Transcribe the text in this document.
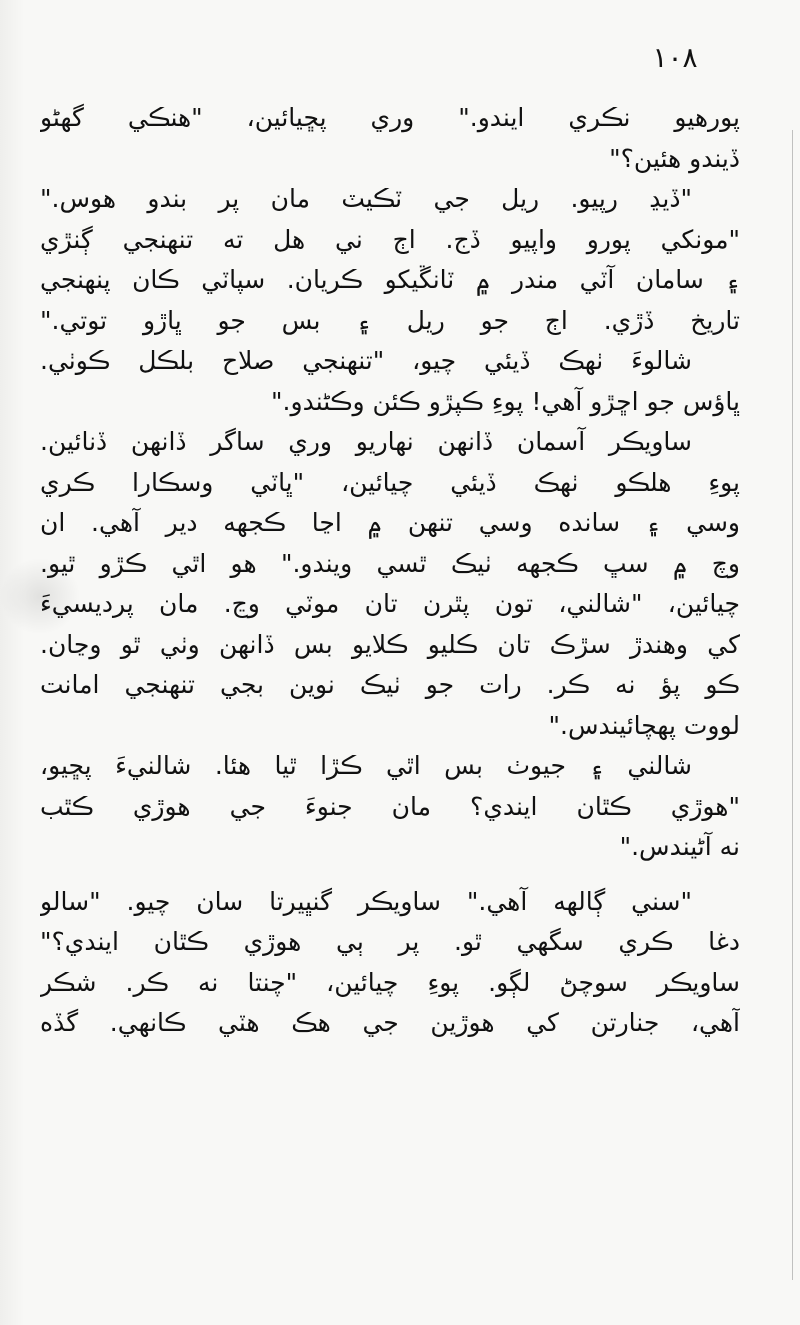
١٠٨
پورهيو نڪري ايندو." وري پڇيائين، "هنڪي گهڻو
ڏيندو هئين؟"
"ڏيڍ رپيو. ريل جي ٽڪيٽ مان پر بندو هوس."
"مونکي پورو واپيو ڏج. اڄ ني هل ته تنهنجي ڳنڙي
۽ سامان آٽي مندر ۾ ٽانڱيکو ڪريان. سپاٽي ڪان پنهنجي
تاريخ ڏڙي. اڄ جو ريل ۽ بس جو ڀاڙو توتي."
شالوءَ ٺهڪ ڏيئي چيو، "تنهنجي صلاح بلڪل ڪوٺي.
ڀاؤس جو اڇڙو آهي! پوءِ ڪپڙو ڪئن وڪڻندو."
ساويڪر آسمان ڏانهن نهاريو وري ساگر ڏانهن ڏنائين.
پوءِ هلڪو ٺهڪ ڏيئي چيائين، "ڀاٽي وسڪارا ڪري
وسي ۽ سانده وسي تنهن ۾ اڃا ڪجهه دير آهي. ان
وچ ۾ سڀ ڪجهه ٺيڪ ٿسي ويندو." هو اٿي ڪڙو ٿيو.
چيائين، "شالني، تون پٿرن تان موٽي وڃ. مان پرديسيءَ
کي وهندڙ سڙڪ تان ڪليو ڪلايو بس ڏانهن وٺي ٿو وڃان.
ڪو پؤ نه ڪر. رات جو ٺيڪ نوين بجي تنهنجي امانت
لووت پهچائيندس."
شالني ۽ جيوٺ بس اٿي ڪڙا ٿيا هئا. شالنيءَ پڇيو،
"هوڙي ڪٿان ايندي؟ مان جنوءَ جي هوڙي ڪٿب
نه آڻيندس."
"سني ڳالهه آهي." ساويڪر گنڀيرتا سان چيو. "سالو
دغا ڪري سگهي ٿو. پر ٻي هوڙي ڪٿان ايندي؟"
ساويڪر سوچڻ لڳو. پوءِ چيائين، "چنتا نه ڪر. شڪر
آهي، جنارتن کي هوڙين جي هڪ هٽي ڪانهي. گڏه
